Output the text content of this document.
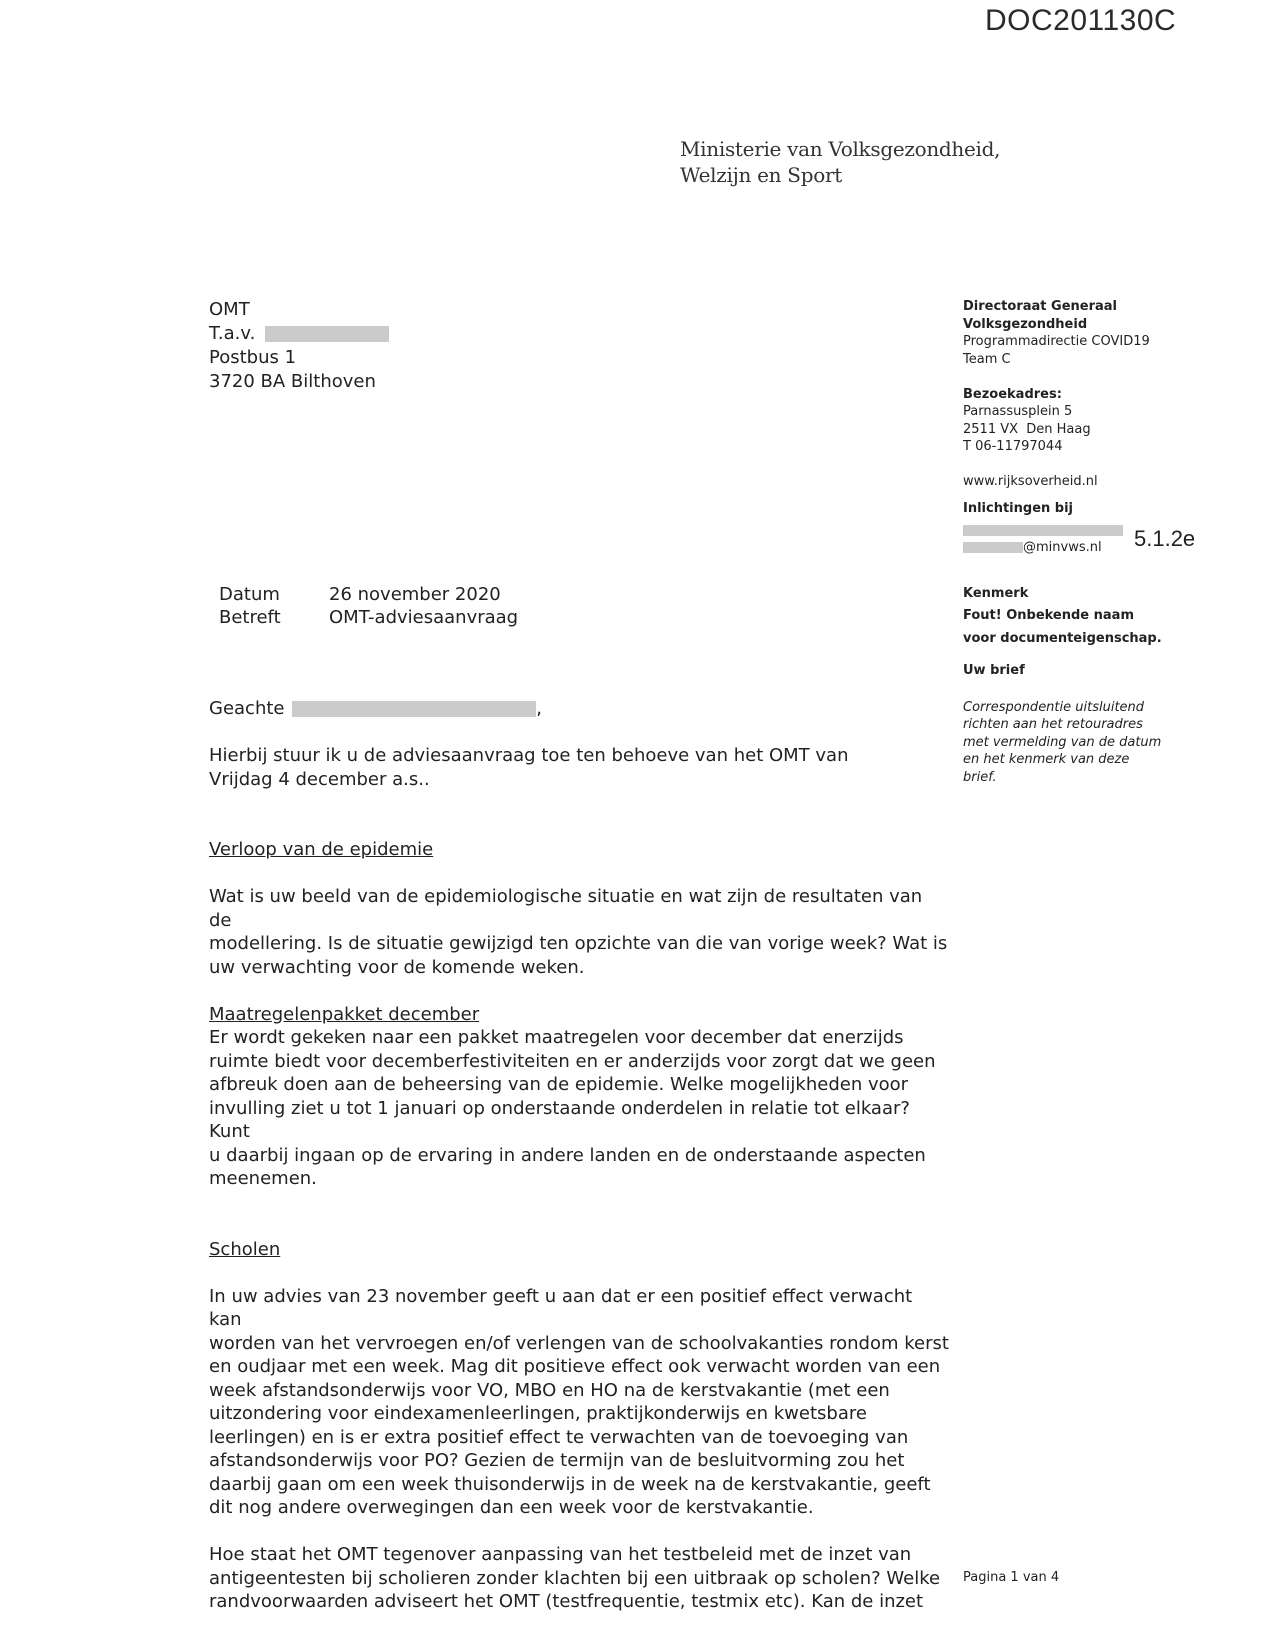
DOC201130C
Ministerie van Volksgezondheid,
Welzijn en Sport
OMT
T.a.v.
Postbus 1
3720 BA Bilthoven
Directoraat Generaal
Volksgezondheid
Programmadirectie COVID19
Team C
Bezoekadres:
Parnassusplein 5
2511 VX  Den Haag
T 06-11797044
www.rijksoverheid.nl
Inlichtingen bij
@minvws.nl
Kenmerk
Fout! Onbekende naam
voor documenteigenschap.
Uw brief
Correspondentie uitsluitend
richten aan het retouradres
met vermelding van de datum
en het kenmerk van deze
brief.
5.1.2e
Datum	26 november 2020
Betreft	OMT-adviesaanvraag

Geachte	,

Hierbij stuur ik u de adviesaanvraag toe ten behoeve van het OMT van

Vrijdag 4 december a.s..

Verloop van de epidemie

Wat is uw beeld van de epidemiologische situatie en wat zijn de resultaten van de

modellering. Is de situatie gewijzigd ten opzichte van die van vorige week? Wat is

uw verwachting voor de komende weken.

Maatregelenpakket december

Er wordt gekeken naar een pakket maatregelen voor december dat enerzijds

ruimte biedt voor decemberfestiviteiten en er anderzijds voor zorgt dat we geen

afbreuk doen aan de beheersing van de epidemie. Welke mogelijkheden voor

invulling ziet u tot 1 januari op onderstaande onderdelen in relatie tot elkaar? Kunt

u daarbij ingaan op de ervaring in andere landen en de onderstaande aspecten

meenemen.

Scholen

In uw advies van 23 november geeft u aan dat er een positief effect verwacht kan

worden van het vervroegen en/of verlengen van de schoolvakanties rondom kerst

en oudjaar met een week. Mag dit positieve effect ook verwacht worden van een

week afstandsonderwijs voor VO, MBO en HO na de kerstvakantie (met een

uitzondering voor eindexamenleerlingen, praktijkonderwijs en kwetsbare

leerlingen) en is er extra positief effect te verwachten van de toevoeging van

afstandsonderwijs voor PO? Gezien de termijn van de besluitvorming zou het

daarbij gaan om een week thuisonderwijs in de week na de kerstvakantie, geeft

dit nog andere overwegingen dan een week voor de kerstvakantie.

Hoe staat het OMT tegenover aanpassing van het testbeleid met de inzet van

antigeentesten bij scholieren zonder klachten bij een uitbraak op scholen? Welke

randvoorwaarden adviseert het OMT (testfrequentie, testmix etc). Kan de inzet

Pagina 1 van 4
